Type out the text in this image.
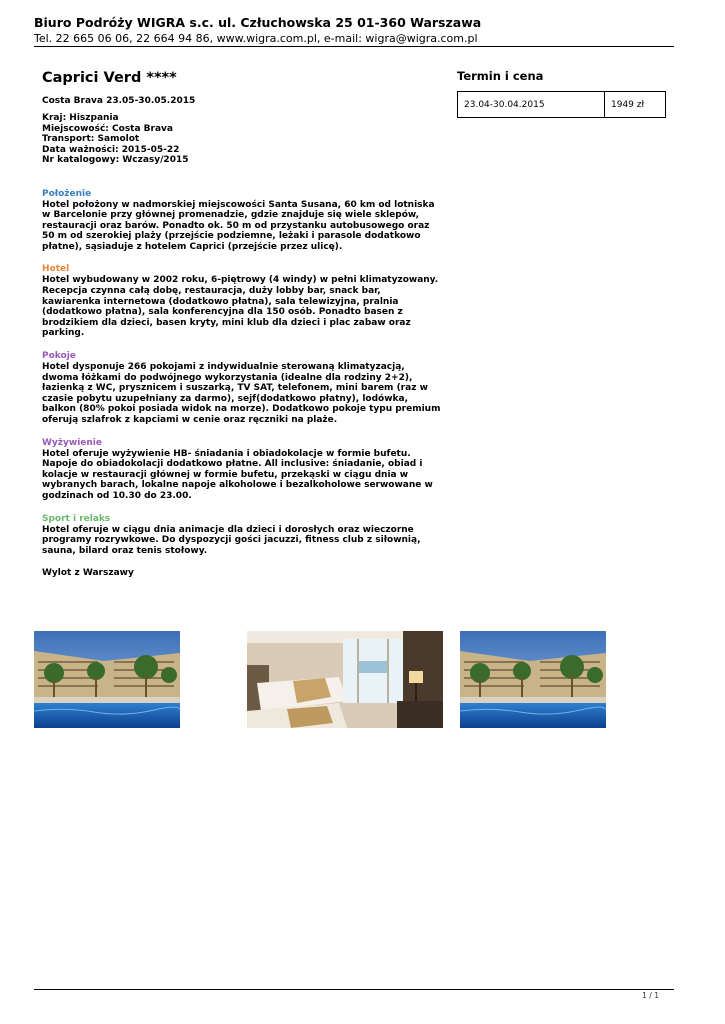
Biuro Podróży WIGRA s.c. ul. Człuchowska 25 01-360 Warszawa
Tel. 22 665 06 06, 22 664 94 86, www.wigra.com.pl, e-mail: wigra@wigra.com.pl
Caprici Verd ****
Costa Brava 23.05-30.05.2015
Kraj: Hiszpania
Miejscowość: Costa Brava
Transport: Samolot
Data ważności: 2015-05-22
Nr katalogowy: Wczasy/2015
Położenie
Hotel położony w nadmorskiej miejscowości Santa Susana, 60 km od lotniska w Barcelonie przy głównej promenadzie, gdzie znajduje się wiele sklepów, restauracji oraz barów. Ponadto ok. 50 m od przystanku autobusowego oraz 50 m od szerokiej plaży (przejście podziemne, leżaki i parasole dodatkowo płatne), sąsiaduje z hotelem Caprici (przejście przez ulicę).
Hotel
Hotel wybudowany w 2002 roku, 6-piętrowy (4 windy) w pełni klimatyzowany. Recepcja czynna całą dobę, restauracja, duży lobby bar, snack bar, kawiarenka internetowa (dodatkowo płatna), sala telewizyjna, pralnia (dodatkowo płatna), sala konferencyjna dla 150 osób. Ponadto basen z brodzikiem dla dzieci, basen kryty, mini klub dla dzieci i plac zabaw oraz parking.
Pokoje
Hotel dysponuje 266 pokojami z indywidualnie sterowaną klimatyzacją, dwoma łóżkami do podwójnego wykorzystania (idealne dla rodziny 2+2), łazienką z WC, prysznicem i suszarką, TV SAT, telefonem, mini barem (raz w czasie pobytu uzupełniany za darmo), sejf(dodatkowo płatny), lodówka, balkon (80% pokoi posiada widok na morze). Dodatkowo pokoje typu premium oferują szlafrok z kapciami w cenie oraz ręczniki na plaże.
Wyżywienie
Hotel oferuje wyżywienie HB- śniadania i obiadokolacje w formie bufetu. Napoje do obiadokolacji dodatkowo płatne. All inclusive: śniadanie, obiad i kolacje w restauracji głównej w formie bufetu, przekąski w ciągu dnia w wybranych barach, lokalne napoje alkoholowe i bezalkoholowe serwowane w godzinach od 10.30 do 23.00.
Sport i relaks
Hotel oferuje w ciągu dnia animacje dla dzieci i dorosłych oraz wieczorne programy rozrywkowe. Do dyspozycji gości jacuzzi, fitness club z siłownią, sauna, bilard oraz tenis stołowy.
Wylot z Warszawy
Termin i cena
23.04-30.04.2015	1949 zł
1 / 1
